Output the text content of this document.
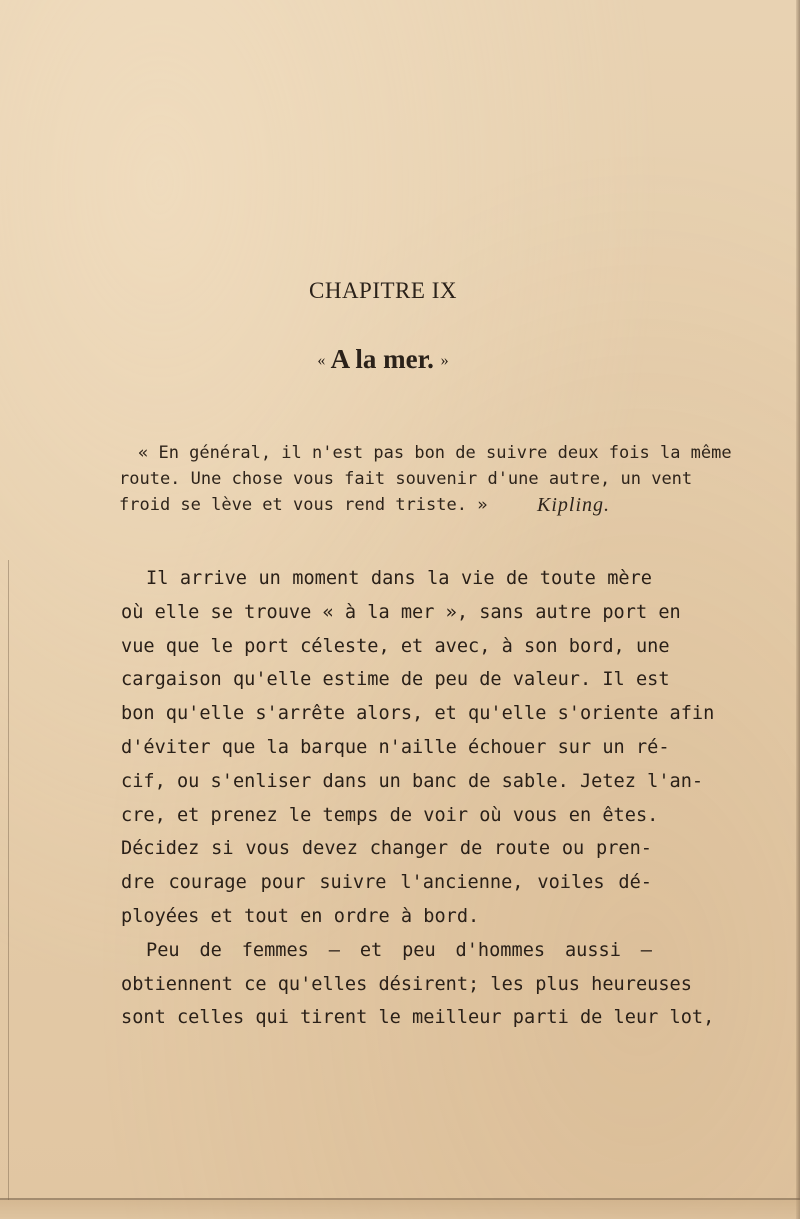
CHAPITRE IX
« A la mer. »
« En général, il n'est pas bon de suivre deux fois la même
route. Une chose vous fait souvenir d'une autre, un vent
froid se lève et vous rend triste. » Kipling.
Il arrive un moment dans la vie de toute mère
où elle se trouve « à la mer », sans autre port en
vue que le port céleste, et avec, à son bord, une
cargaison qu'elle estime de peu de valeur. Il est
bon qu'elle s'arrête alors, et qu'elle s'oriente afin
d'éviter que la barque n'aille échouer sur un ré-
cif, ou s'enliser dans un banc de sable. Jetez l'an-
cre, et prenez le temps de voir où vous en êtes.
Décidez si vous devez changer de route ou pren-
dre courage pour suivre l'ancienne, voiles dé-
ployées et tout en ordre à bord.
Peu de femmes — et peu d'hommes aussi —
obtiennent ce qu'elles désirent; les plus heureuses
sont celles qui tirent le meilleur parti de leur lot,
